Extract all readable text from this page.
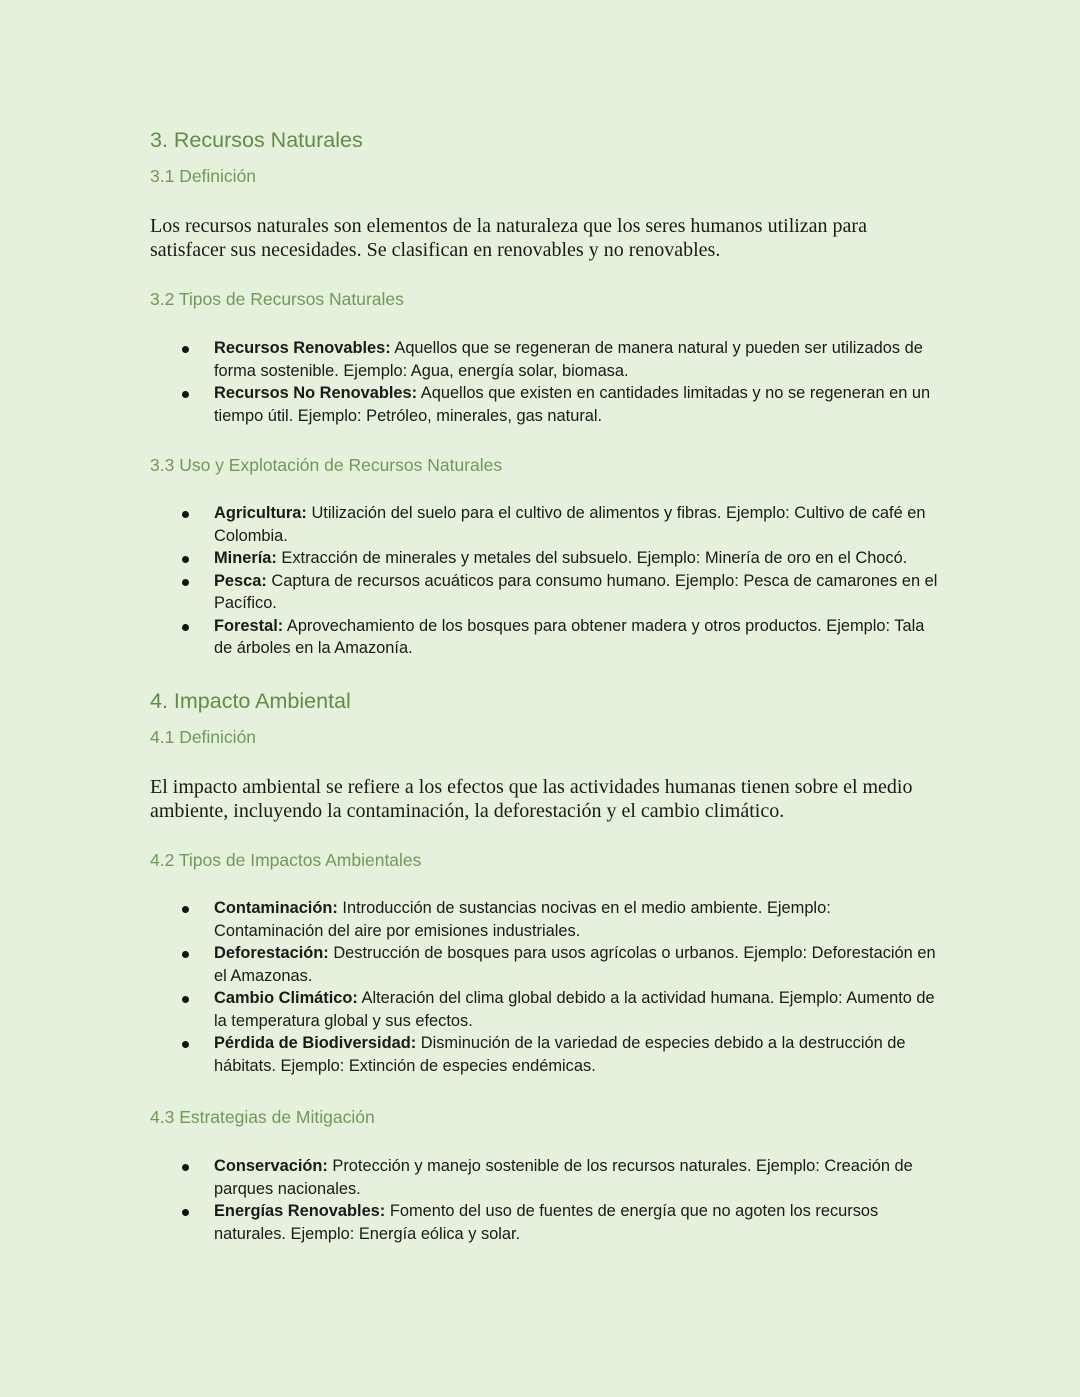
3. Recursos Naturales
3.1 Definición

Los recursos naturales son elementos de la naturaleza que los seres humanos utilizan para satisfacer sus necesidades. Se clasifican en renovables y no renovables.

3.2 Tipos de Recursos Naturales
Recursos Renovables: Aquellos que se regeneran de manera natural y pueden ser utilizados de forma sostenible. Ejemplo: Agua, energía solar, biomasa.
Recursos No Renovables: Aquellos que existen en cantidades limitadas y no se regeneran en un tiempo útil. Ejemplo: Petróleo, minerales, gas natural.
3.3 Uso y Explotación de Recursos Naturales
Agricultura: Utilización del suelo para el cultivo de alimentos y fibras. Ejemplo: Cultivo de café en Colombia.
Minería: Extracción de minerales y metales del subsuelo. Ejemplo: Minería de oro en el Chocó.
Pesca: Captura de recursos acuáticos para consumo humano. Ejemplo: Pesca de camarones en el Pacífico.
Forestal: Aprovechamiento de los bosques para obtener madera y otros productos. Ejemplo: Tala de árboles en la Amazonía.
4. Impacto Ambiental
4.1 Definición

El impacto ambiental se refiere a los efectos que las actividades humanas tienen sobre el medio ambiente, incluyendo la contaminación, la deforestación y el cambio climático.

4.2 Tipos de Impactos Ambientales
Contaminación: Introducción de sustancias nocivas en el medio ambiente. Ejemplo: Contaminación del aire por emisiones industriales.
Deforestación: Destrucción de bosques para usos agrícolas o urbanos. Ejemplo: Deforestación en el Amazonas.
Cambio Climático: Alteración del clima global debido a la actividad humana. Ejemplo: Aumento de la temperatura global y sus efectos.
Pérdida de Biodiversidad: Disminución de la variedad de especies debido a la destrucción de hábitats. Ejemplo: Extinción de especies endémicas.
4.3 Estrategias de Mitigación
Conservación: Protección y manejo sostenible de los recursos naturales. Ejemplo: Creación de parques nacionales.
Energías Renovables: Fomento del uso de fuentes de energía que no agoten los recursos naturales. Ejemplo: Energía eólica y solar.
